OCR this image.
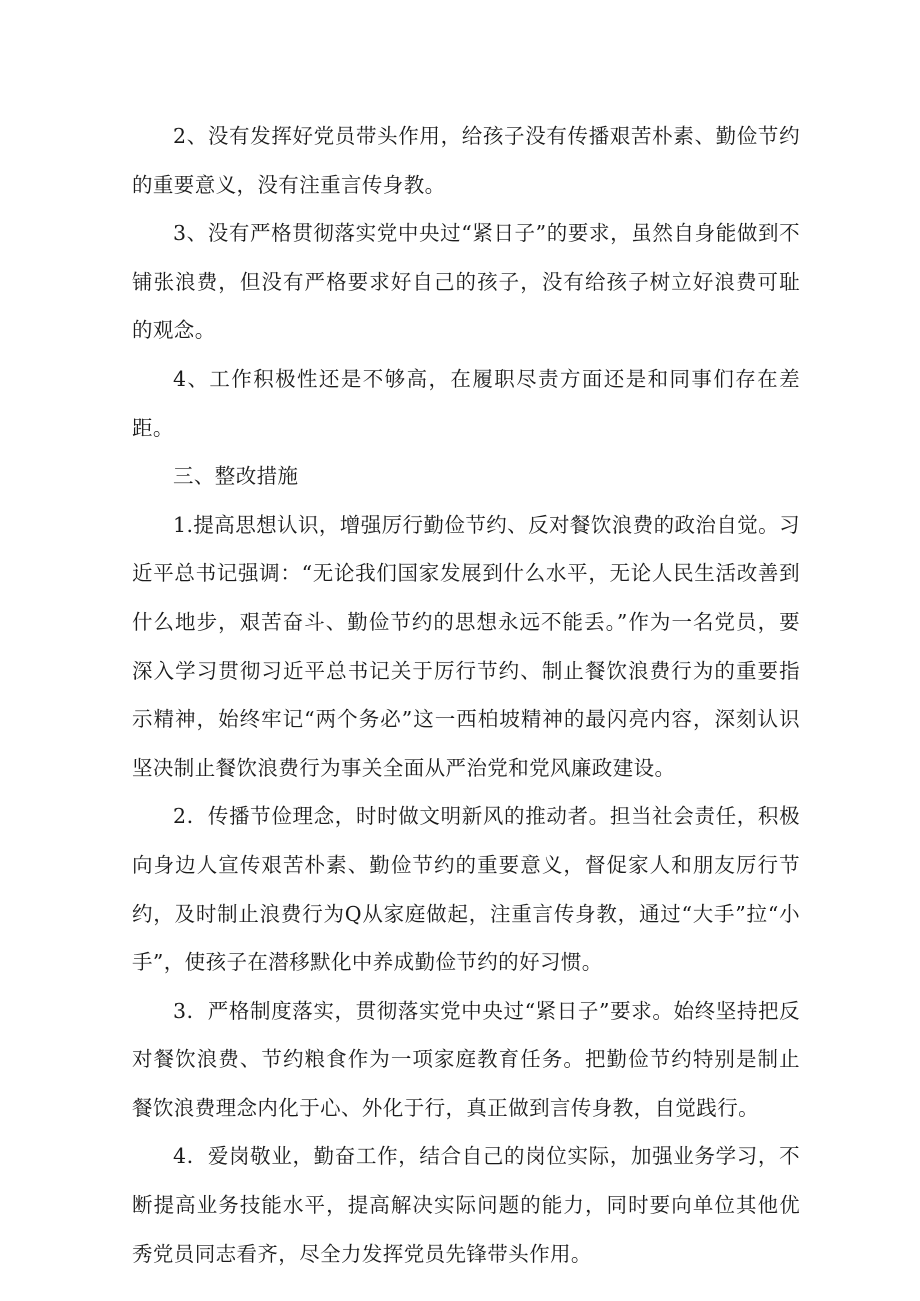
2、没有发挥好党员带头作用，给孩子没有传播艰苦朴素、勤俭节约的重要意义，没有注重言传身教。

3、没有严格贯彻落实党中央过“紧日子”的要求，虽然自身能做到不铺张浪费，但没有严格要求好自己的孩子，没有给孩子树立好浪费可耻的观念。

4、工作积极性还是不够高，在履职尽责方面还是和同事们存在差距。

三、整改措施

1.提高思想认识，增强厉行勤俭节约、反对餐饮浪费的政治自觉。习近平总书记强调：“无论我们国家发展到什么水平，无论人民生活改善到什么地步，艰苦奋斗、勤俭节约的思想永远不能丢。”作为一名党员，要深入学习贯彻习近平总书记关于厉行节约、制止餐饮浪费行为的重要指示精神，始终牢记“两个务必”这一西柏坡精神的最闪亮内容，深刻认识坚决制止餐饮浪费行为事关全面从严治党和党风廉政建设。

2．传播节俭理念，时时做文明新风的推动者。担当社会责任，积极向身边人宣传艰苦朴素、勤俭节约的重要意义，督促家人和朋友厉行节约，及时制止浪费行为Q从家庭做起，注重言传身教，通过“大手”拉“小手”，使孩子在潜移默化中养成勤俭节约的好习惯。

3．严格制度落实，贯彻落实党中央过“紧日子”要求。始终坚持把反对餐饮浪费、节约粮食作为一项家庭教育任务。把勤俭节约特别是制止餐饮浪费理念内化于心、外化于行，真正做到言传身教，自觉践行。

4．爱岗敬业，勤奋工作，结合自己的岗位实际，加强业务学习，不断提高业务技能水平，提高解决实际问题的能力，同时要向单位其他优秀党员同志看齐，尽全力发挥党员先锋带头作用。
